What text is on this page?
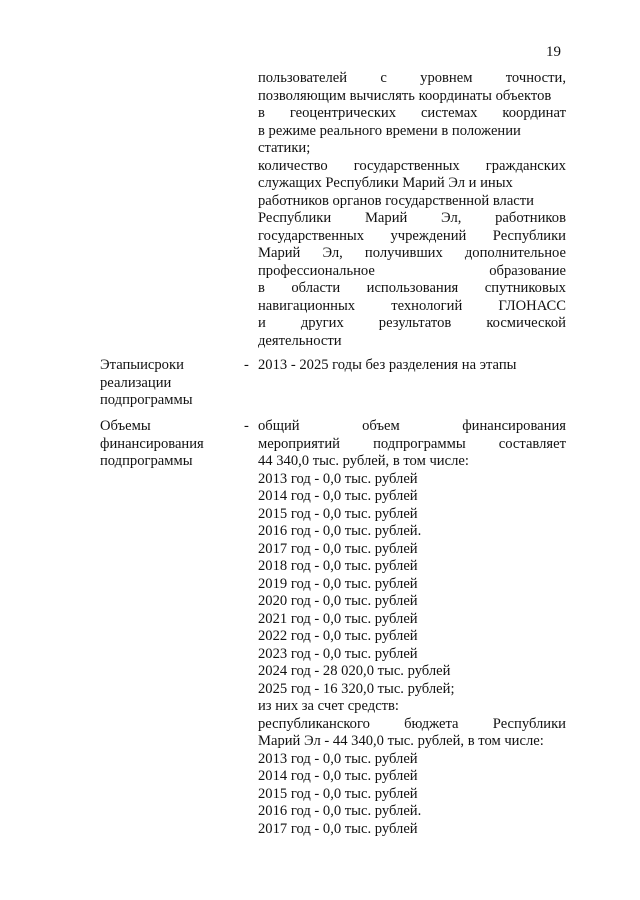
19
пользователей с уровнем точности,
позволяющим вычислять координаты объектов
в геоцентрических системах координат
в режиме реального времени в положении
статики;
количество государственных гражданских
служащих Республики Марий Эл и иных
работников органов государственной власти
Республики Марий Эл, работников
государственных учреждений Республики
Марий Эл, получивших дополнительное
профессиональное	образование
в области использования спутниковых
навигационных технологий ГЛОНАСС
и других результатов космической
деятельности
Этапыисроки
реализации
подпрограммы
- 2013 - 2025 годы без разделения на этапы
Объемы
финансирования
подпрограммы
- общий	объем	финансирования
мероприятий подпрограммы составляет
44 340,0 тыс. рублей, в том числе:
2013 год - 0,0 тыс. рублей
2014 год - 0,0 тыс. рублей
2015 год - 0,0 тыс. рублей
2016 год - 0,0 тыс. рублей.
2017 год - 0,0 тыс. рублей
2018 год - 0,0 тыс. рублей
2019 год - 0,0 тыс. рублей
2020 год - 0,0 тыс. рублей
2021 год - 0,0 тыс. рублей
2022 год - 0,0 тыс. рублей
2023 год - 0,0 тыс. рублей
2024 год - 28 020,0 тыс. рублей
2025 год - 16 320,0 тыс. рублей;
из них за счет средств:
республиканского бюджета Республики
Марий Эл - 44 340,0 тыс. рублей, в том числе:
2013 год - 0,0 тыс. рублей
2014 год - 0,0 тыс. рублей
2015 год - 0,0 тыс. рублей
2016 год - 0,0 тыс. рублей.
2017 год - 0,0 тыс. рублей
